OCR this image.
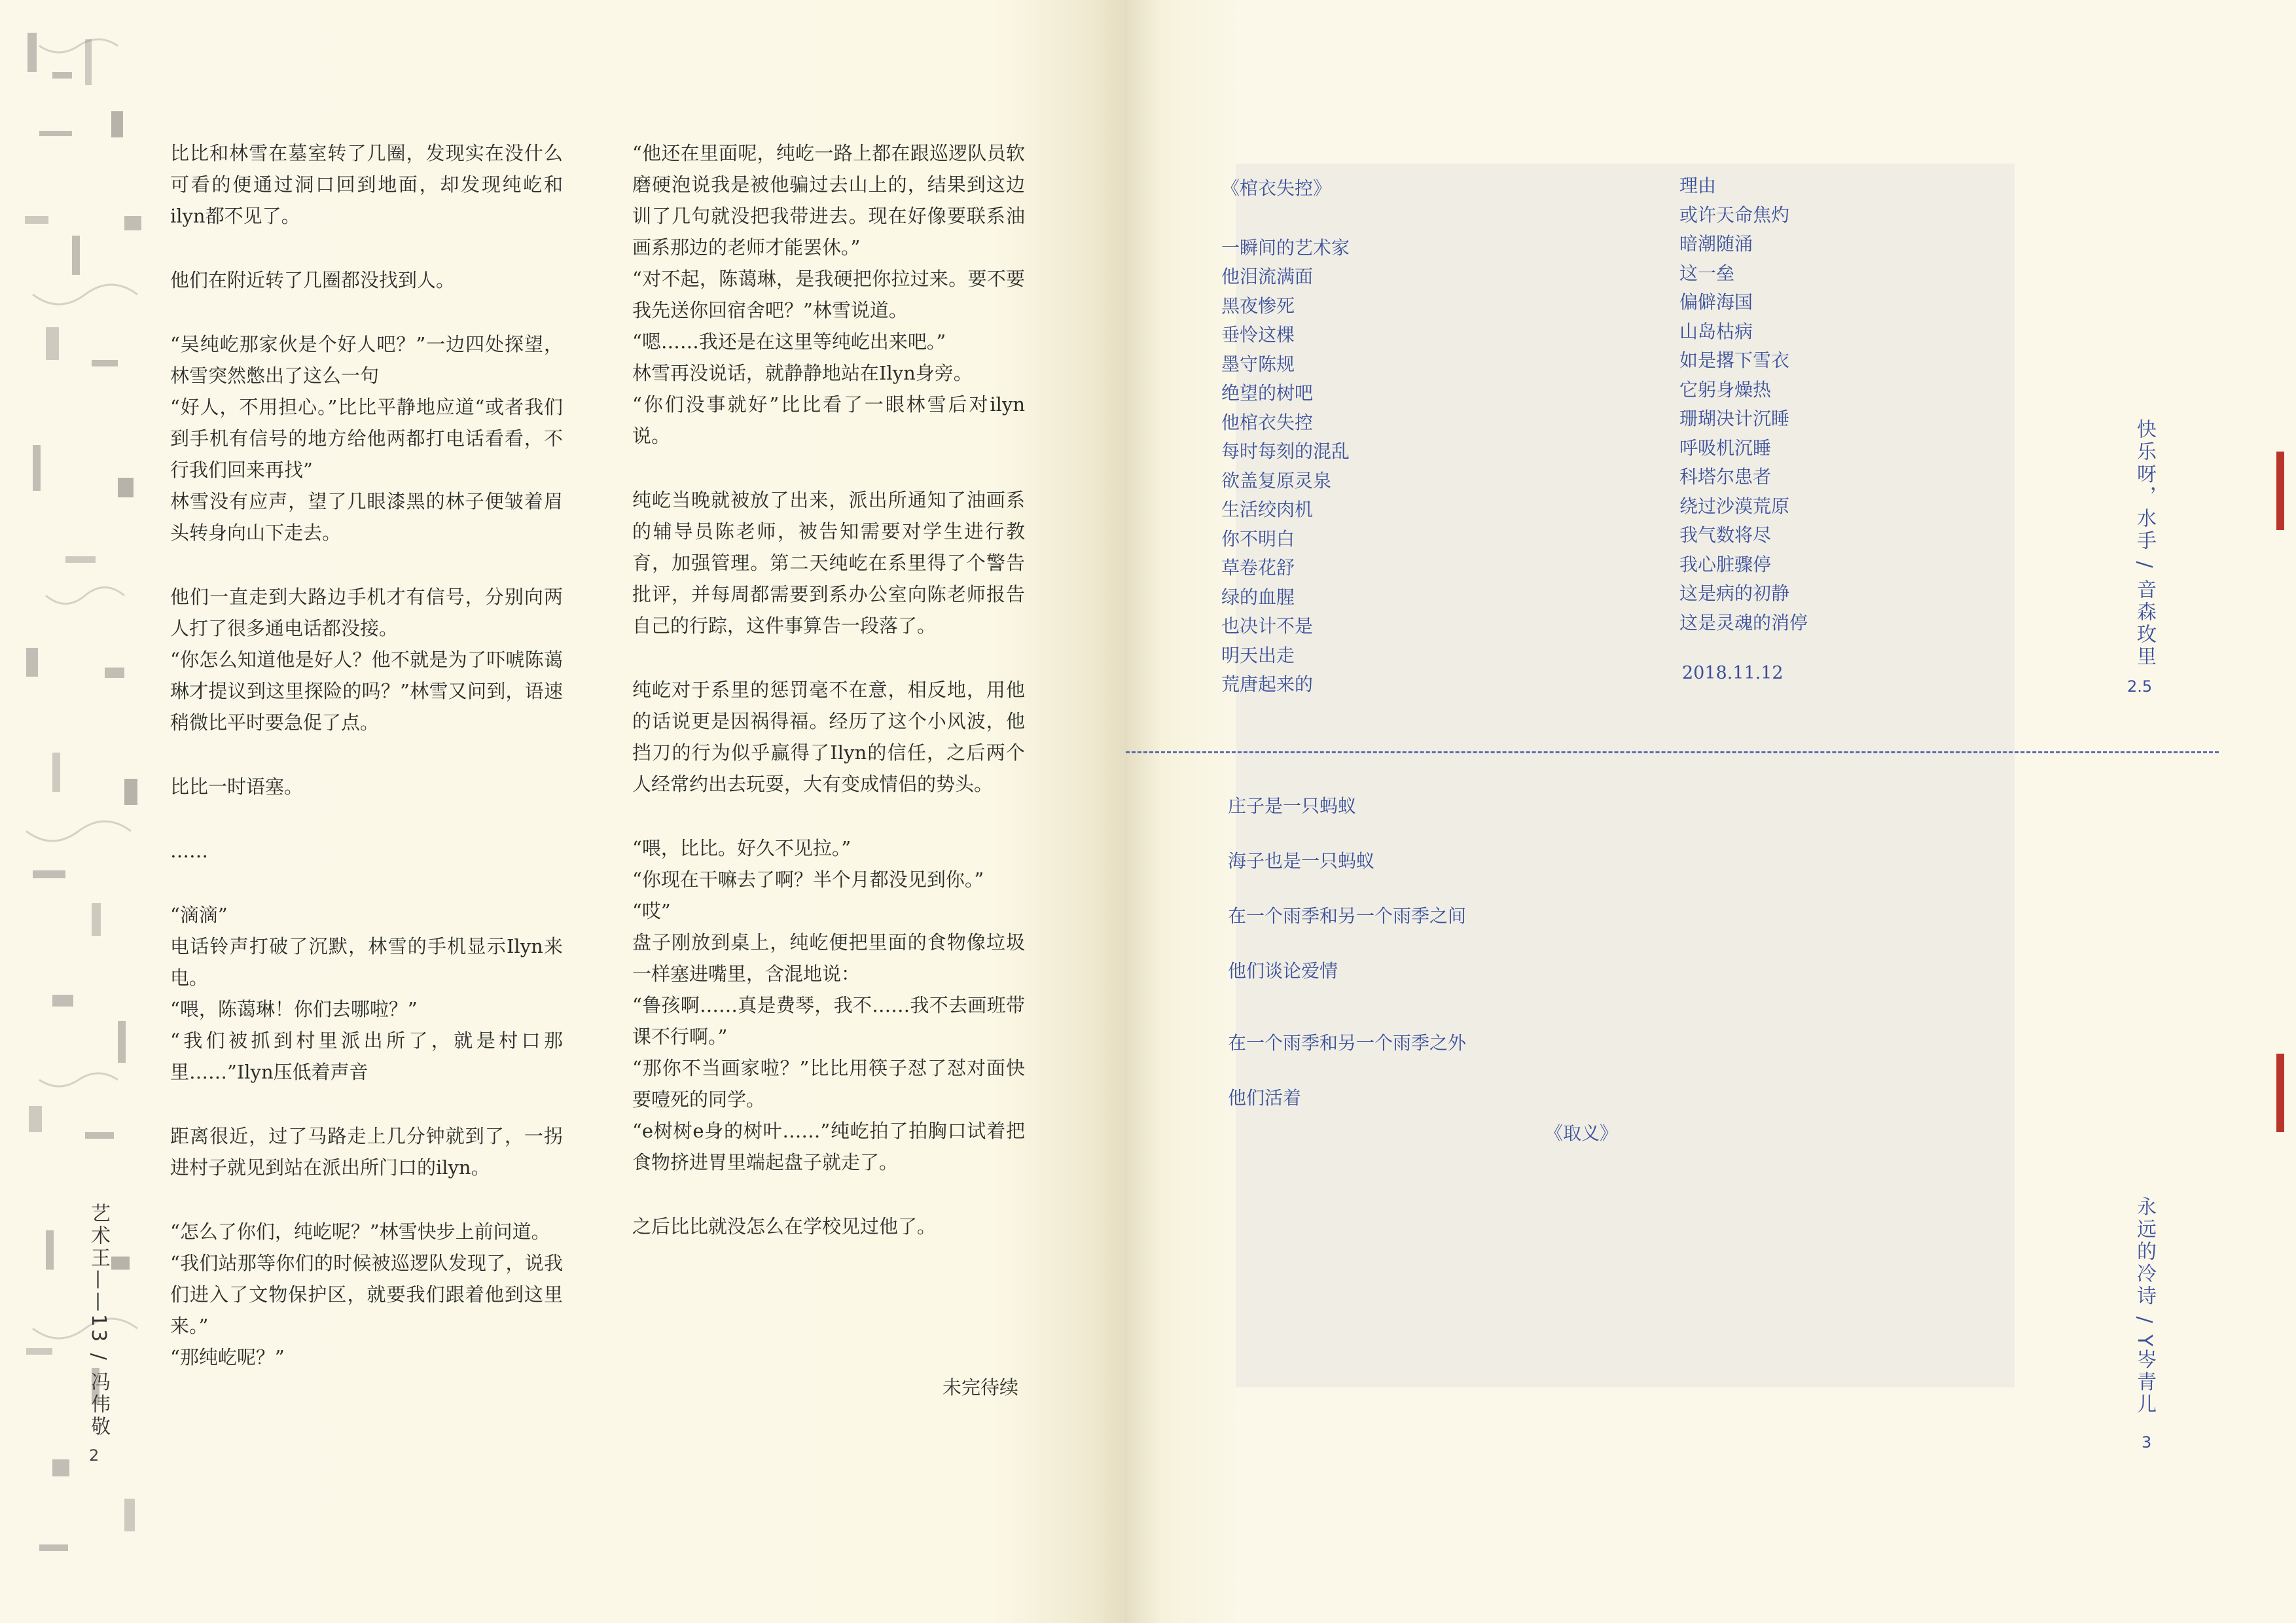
比比和林雪在墓室转了几圈，发现实在没什么可看的便通过洞口回到地面，却发现纯屹和ilyn都不见了。

他们在附近转了几圈都没找到人。

“吴纯屹那家伙是个好人吧？”一边四处探望，林雪突然憋出了这么一句

“好人，不用担心。”比比平静地应道“或者我们到手机有信号的地方给他两都打电话看看，不行我们回来再找”

林雪没有应声，望了几眼漆黑的林子便皱着眉头转身向山下走去。

他们一直走到大路边手机才有信号，分别向两人打了很多通电话都没接。

“你怎么知道他是好人？他不就是为了吓唬陈蔼琳才提议到这里探险的吗？”林雪又问到，语速稍微比平时要急促了点。

比比一时语塞。

……

“滴滴”

电话铃声打破了沉默，林雪的手机显示Ilyn来电。

“喂，陈蔼琳！你们去哪啦？”

“我们被抓到村里派出所了，就是村口那里……”Ilyn压低着声音

距离很近，过了马路走上几分钟就到了，一拐进村子就见到站在派出所门口的ilyn。

“怎么了你们，纯屹呢？”林雪快步上前问道。

“我们站那等你们的时候被巡逻队发现了，说我们进入了文物保护区，就要我们跟着他到这里来。”

“那纯屹呢？”

“他还在里面呢，纯屹一路上都在跟巡逻队员软磨硬泡说我是被他骗过去山上的，结果到这边训了几句就没把我带进去。现在好像要联系油画系那边的老师才能罢休。”

“对不起，陈蔼琳，是我硬把你拉过来。要不要我先送你回宿舍吧？”林雪说道。

“嗯……我还是在这里等纯屹出来吧。”

林雪再没说话，就静静地站在Ilyn身旁。

“你们没事就好”比比看了一眼林雪后对ilyn说。

纯屹当晚就被放了出来，派出所通知了油画系的辅导员陈老师，被告知需要对学生进行教育，加强管理。第二天纯屹在系里得了个警告批评，并每周都需要到系办公室向陈老师报告自己的行踪，这件事算告一段落了。

纯屹对于系里的惩罚毫不在意，相反地，用他的话说更是因祸得福。经历了这个小风波，他挡刀的行为似乎赢得了Ilyn的信任，之后两个人经常约出去玩耍，大有变成情侣的势头。

“喂，比比。好久不见拉。”

“你现在干嘛去了啊？半个月都没见到你。”

“哎”

盘子刚放到桌上，纯屹便把里面的食物像垃圾一样塞进嘴里，含混地说：

“鲁孩啊……真是费琴，我不……我不去画班带课不行啊。”

“那你不当画家啦？”比比用筷子怼了怼对面快要噎死的同学。

“e树树e身的树叶……”纯屹拍了拍胸口试着把食物挤进胃里端起盘子就走了。

之后比比就没怎么在学校见过他了。

未完待续
艺术王——13 / 冯伟敬
2
《棺衣失控》
一瞬间的艺术家
他泪流满面
黑夜惨死
垂怜这棵
墨守陈规
绝望的树吧
他棺衣失控
每时每刻的混乱
欲盖复原灵泉
生活绞肉机
你不明白
草卷花舒
绿的血腥
也决计不是
明天出走
荒唐起来的
理由
或许天命焦灼
暗潮随涌
这一垒
偏僻海国
山岛枯病
如是撂下雪衣
它躬身燥热
珊瑚决计沉睡
呼吸机沉睡
科塔尔患者
绕过沙漠荒原
我气数将尽
我心脏骤停
这是病的初静
这是灵魂的消停
2018.11.12
庄子是一只蚂蚁
海子也是一只蚂蚁
在一个雨季和另一个雨季之间
他们谈论爱情
在一个雨季和另一个雨季之外
他们活着
《取义》
快乐呀，水手 / 音森玫里
2.5
永远的冷诗 / Y岑青儿
3
